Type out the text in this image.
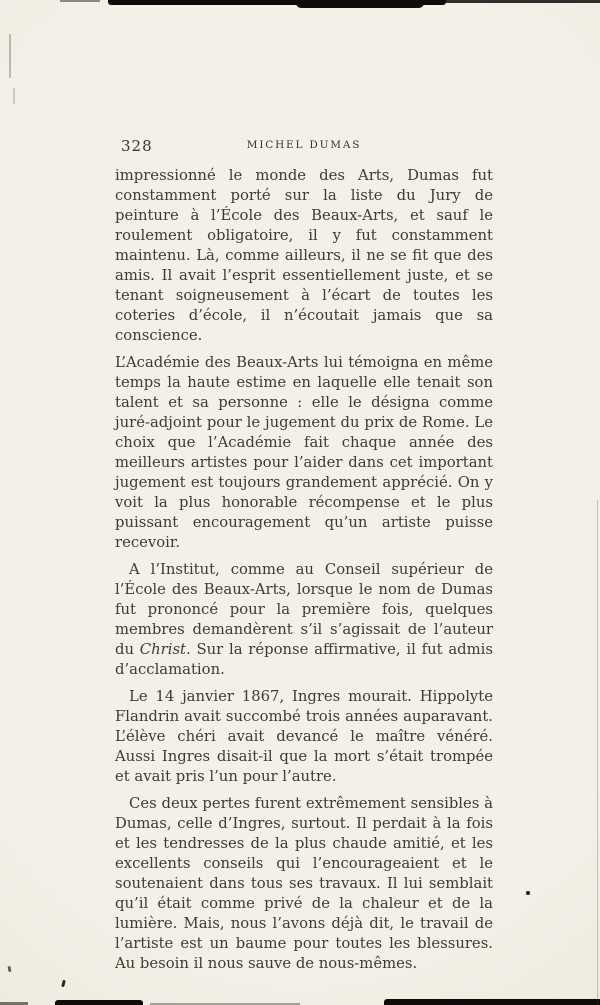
328	MICHEL DUMAS

impressionné le monde des Arts, Dumas fut constamment porté sur la liste du Jury de peinture à l’École des Beaux-Arts, et sauf le roulement obligatoire, il y fut constamment maintenu. Là, comme ailleurs, il ne se fit que des amis. Il avait l’esprit essentiellement juste, et se tenant soigneusement à l’écart de toutes les coteries d’école, il n’écoutait jamais que sa conscience.

L’Académie des Beaux-Arts lui témoigna en même temps la haute estime en laquelle elle tenait son talent et sa personne : elle le désigna comme juré-adjoint pour le jugement du prix de Rome. Le choix que l’Académie fait chaque année des meilleurs artistes pour l’aider dans cet important jugement est toujours grandement apprécié. On y voit la plus honorable récompense et le plus puissant encouragement qu’un artiste puisse recevoir.

A l’Institut, comme au Conseil supérieur de l’École des Beaux-Arts, lorsque le nom de Dumas fut prononcé pour la première fois, quelques membres demandèrent s’il s’agissait de l’auteur du Christ. Sur la réponse affirmative, il fut admis d’acclamation.

Le 14 janvier 1867, Ingres mourait. Hippolyte Flandrin avait succombé trois années auparavant. L’élève chéri avait devancé le maître vénéré. Aussi Ingres disait-il que la mort s’était trompée et avait pris l’un pour l’autre.

Ces deux pertes furent extrêmement sensibles à Dumas, celle d’Ingres, surtout. Il perdait à la fois et les tendresses de la plus chaude amitié, et les excellents conseils qui l’encourageaient et le soutenaient dans tous ses travaux. Il lui semblait qu’il était comme privé de la chaleur et de la lumière. Mais, nous l’avons déjà dit, le travail de l’artiste est un baume pour toutes les blessures. Au besoin il nous sauve de nous-mêmes.
